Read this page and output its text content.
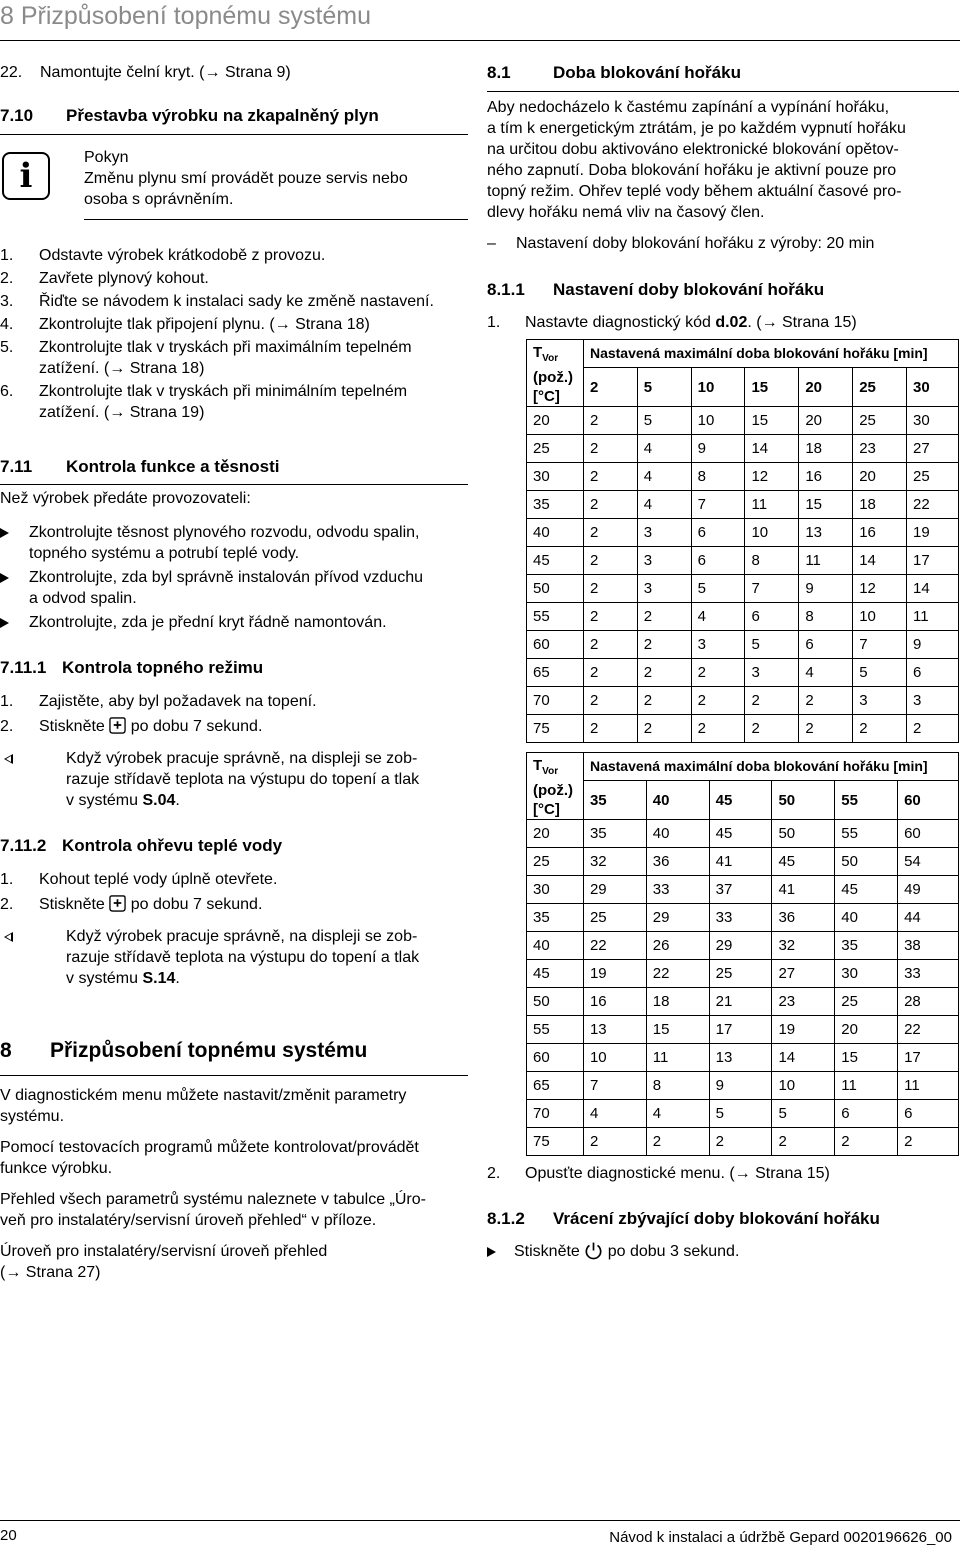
8 Přizpůsobení topnému systému
22. Namontujte čelní kryt. (→ Strana 9)
7.10 Přestavba výrobku na zkapalněný plyn
i	Pokyn
Změnu plynu smí provádět pouze servis nebo
osoba s oprávněním.
1. Odstavte výrobek krátkodobě z provozu.
2. Zavřete plynový kohout.
3. Řiďte se návodem k instalaci sady ke změně nastavení.
4. Zkontrolujte tlak připojení plynu. (→ Strana 18)
5. Zkontrolujte tlak v tryskách při maximálním tepelném
zatížení. (→ Strana 18)
6. Zkontrolujte tlak v tryskách při minimálním tepelném
zatížení. (→ Strana 19)
7.11 Kontrola funkce a těsnosti
Než výrobek předáte provozovateli:
Zkontrolujte těsnost plynového rozvodu, odvodu spalin,
topného systému a potrubí teplé vody.
Zkontrolujte, zda byl správně instalován přívod vzduchu
a odvod spalin.
Zkontrolujte, zda je přední kryt řádně namontován.
7.11.1 Kontrola topného režimu
1. Zajistěte, aby byl požadavek na topení.
2. Stiskněte po dobu 7 sekund.
Když výrobek pracuje správně, na displeji se zob-
razuje střídavě teplota na výstupu do topení a tlak
v systému S.04.
7.11.2 Kontrola ohřevu teplé vody
1. Kohout teplé vody úplně otevřete.
2. Stiskněte po dobu 7 sekund.
Když výrobek pracuje správně, na displeji se zob-
razuje střídavě teplota na výstupu do topení a tlak
v systému S.14.
8 Přizpůsobení topnému systému
V diagnostickém menu můžete nastavit/změnit parametry
systému.
Pomocí testovacích programů můžete kontrolovat/provádět
funkce výrobku.
Přehled všech parametrů systému naleznete v tabulce „Úro-
veň pro instalatéry/servisní úroveň přehled“ v příloze.
Úroveň pro instalatéry/servisní úroveň přehled
(→ Strana 27)
8.1 Doba blokování hořáku
Aby nedocházelo k častému zapínání a vypínání hořáku,
a tím k energetickým ztrátám, je po každém vypnutí hořáku
na určitou dobu aktivováno elektronické blokování opětov-
ného zapnutí. Doba blokování hořáku je aktivní pouze pro
topný režim. Ohřev teplé vody během aktuální časové pro-
dlevy hořáku nemá vliv na časový člen.
– Nastavení doby blokování hořáku z výroby: 20 min
8.1.1 Nastavení doby blokování hořáku
1. Nastavte diagnostický kód d.02. (→ Strana 15)
$T_{Vor}$
(pož.)
[°C]	Nastavená maximální doba blokování hořáku [min]						
	2	5	10	15	20	25	30
20	2	5	10	15	20	25	30
25	2	4	9	14	18	23	27
30	2	4	8	12	16	20	25
35	2	4	7	11	15	18	22
40	2	3	6	10	13	16	19
45	2	3	6	8	11	14	17
50	2	3	5	7	9	12	14
55	2	2	4	6	8	10	11
60	2	2	3	5	6	7	9
65	2	2	2	3	4	5	6
70	2	2	2	2	2	3	3
75	2	2	2	2	2	2	2
$T_{Vor}$
(pož.)
[°C]	Nastavená maximální doba blokování hořáku [min]					
	35	40	45	50	55	60
20	35	40	45	50	55	60
25	32	36	41	45	50	54
30	29	33	37	41	45	49
35	25	29	33	36	40	44
40	22	26	29	32	35	38
45	19	22	25	27	30	33
50	16	18	21	23	25	28
55	13	15	17	19	20	22
60	10	11	13	14	15	17
65	7	8	9	10	11	11
70	4	4	5	5	6	6
75	2	2	2	2	2	2
2. Opusťte diagnostické menu. (→ Strana 15)
8.1.2 Vrácení zbývající doby blokování hořáku
Stiskněte po dobu 3 sekund.
20	Návod k instalaci a údržbě Gepard 0020196626_00
